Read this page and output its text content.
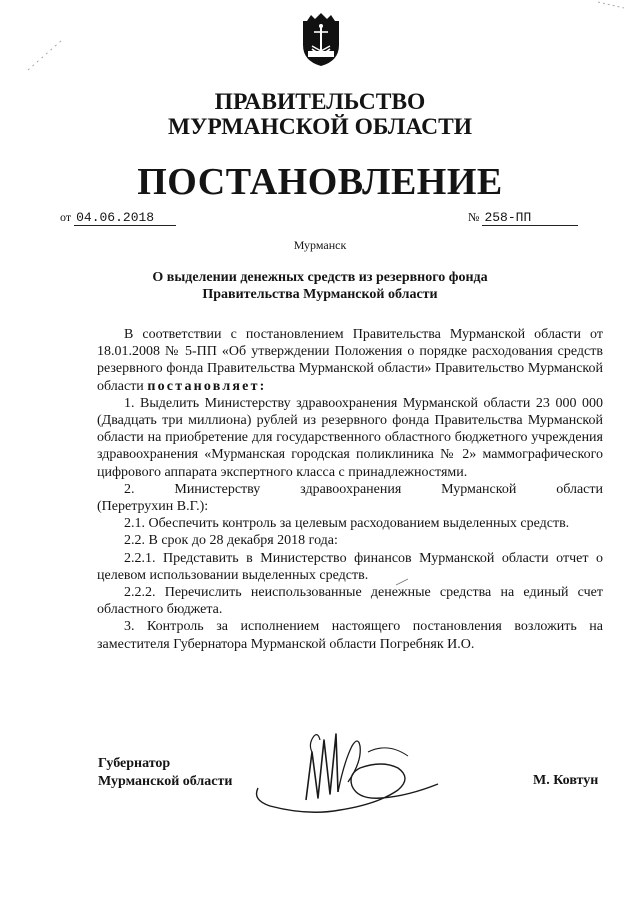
ПРАВИТЕЛЬСТВО
МУРМАНСКОЙ ОБЛАСТИ
ПОСТАНОВЛЕНИЕ
от 04.06.2018	№ 258-ПП
Мурманск
О выделении денежных средств из резервного фонда
Правительства Мурманской области

В соответствии с постановлением Правительства Мурманской области от 18.01.2008 № 5-ПП «Об утверждении Положения о порядке расходования средств резервного фонда Правительства Мурманской области» Правительство Мурманской области постановляет:

1. Выделить Министерству здравоохранения Мурманской области 23 000 000 (Двадцать три миллиона) рублей из резервного фонда Правительства Мурманской области на приобретение для государственного областного бюджетного учреждения здравоохранения «Мурманская городская поликлиника № 2» маммографического цифрового аппарата экспертного класса с принадлежностями.

2. Министерству здравоохранения Мурманской области

(Перетрухин В.Г.):

2.1. Обеспечить контроль за целевым расходованием выделенных средств.

2.2. В срок до 28 декабря 2018 года:

2.2.1. Представить в Министерство финансов Мурманской области отчет о целевом использовании выделенных средств.

2.2.2. Перечислить неиспользованные денежные средства на единый счет областного бюджета.

3. Контроль за исполнением настоящего постановления возложить на заместителя Губернатора Мурманской области Погребняк И.О.

Губернатор
Мурманской области	М. Ковтун
